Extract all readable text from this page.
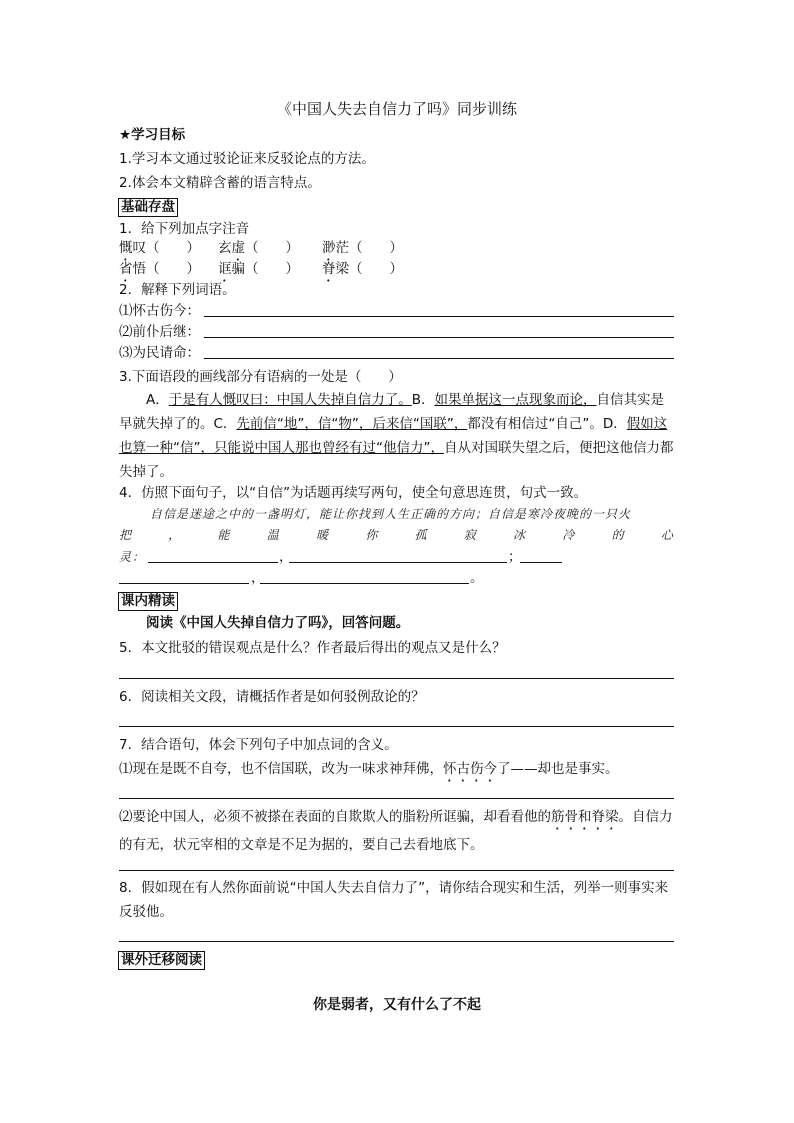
《中国人失去自信力了吗》同步训练
★学习目标
1.学习本文通过驳论证来反驳论点的方法。
2.体会本文精辟含蓄的语言特点。
基础存盘
1．给下列加点字注音
慨叹（　　） 玄虚（　　） 渺茫（　　）
省悟（　　） 诓骗（　　） 脊梁（　　）
2．解释下列词语。
⑴怀古伤今：
⑵前仆后继：
⑶为民请命：
3.下面语段的画线部分有语病的一处是（　　）
A．于是有人慨叹曰：中国人失掉自信力了。B．如果单据这一点现象而论，自信其实是早就失掉了的。C．先前信“地”，信“物”，后来信“国联”，都没有相信过“自己”。D．假如这也算一种“信”，只能说中国人那也曾经有过“他信力”，自从对国联失望之后，便把这他信力都失掉了。
4．仿照下面句子，以“自信”为话题再续写两句，使全句意思连贯，句式一致。
自信是迷途之中的一盏明灯，能让你找到人生正确的方向；自信是寒冷夜晚的一只火
把	，	能	温	暖	你	孤	寂	冰	冷	的	心
灵：	，	；
，	。
课内精读
阅读《中国人失掉自信力了吗》，回答问题。
5．本文批驳的错误观点是什么？作者最后得出的观点又是什么？
6．阅读相关文段，请概括作者是如何驳例敌论的？
7．结合语句，体会下列句子中加点词的含义。
⑴现在是既不自夸，也不信国联，改为一味求神拜佛，怀古伤今了——却也是事实。
⑵要论中国人，必须不被搽在表面的自欺欺人的脂粉所诓骗，却看看他的筋骨和脊梁。自信力的有无，状元宰相的文章是不足为据的，要自己去看地底下。
8．假如现在有人然你面前说“中国人失去自信力了”，请你结合现实和生活，列举一则事实来反驳他。
课外迁移阅读
你是弱者，又有什么了不起
